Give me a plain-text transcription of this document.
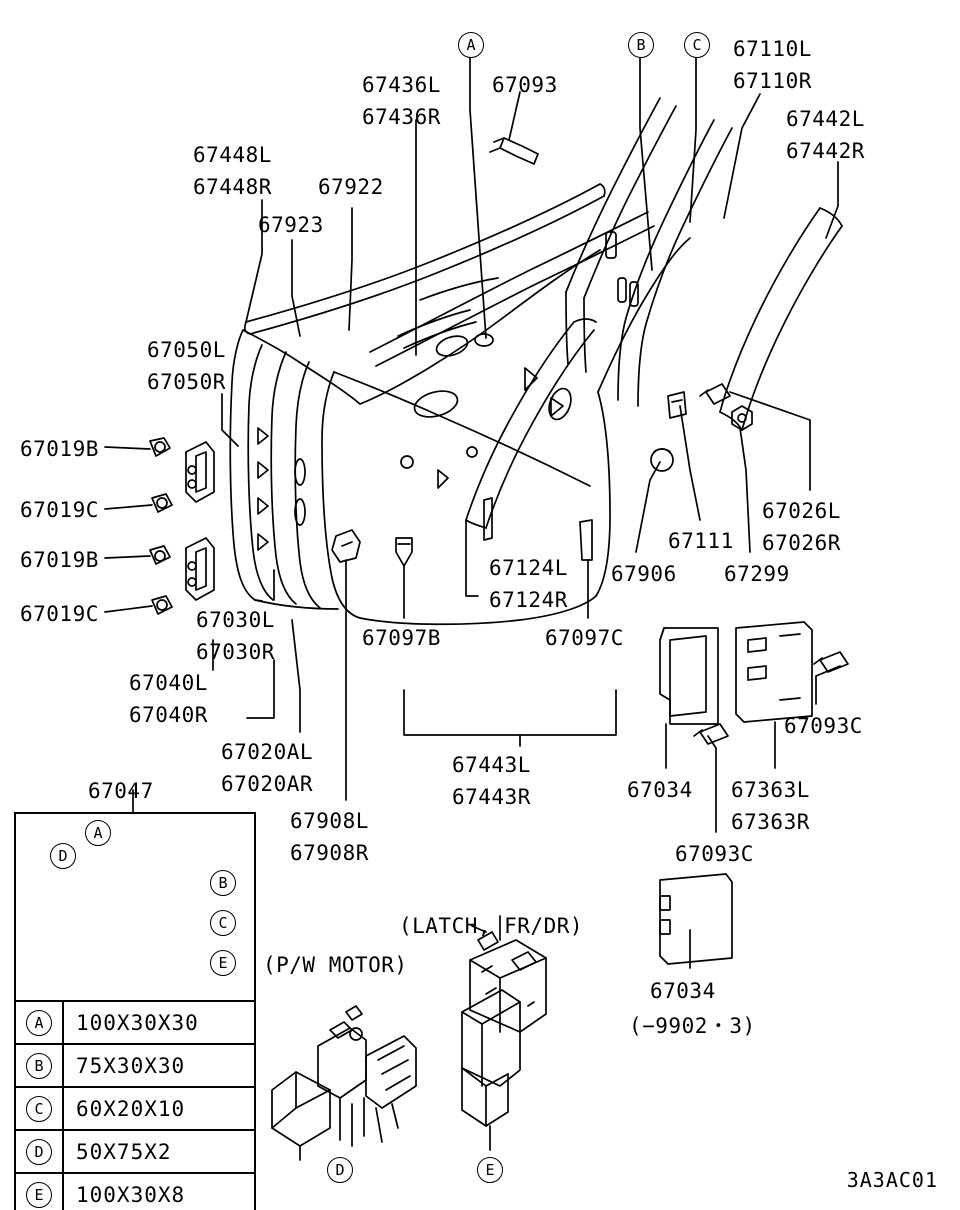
67436L
67436R
67093
67110L
67110R
67442L
67442R
67448L
67448R 67922
67923
67050L
67050R
67019B
67019C
67019B
67019C	67030L
67030R
67040L
67040R
67047
67020AL
67020AR
67908L
67908R
67097B
67124L
67124R
67097C
67906
67111
67299
67026L
67026R
67443L
67443R	67034 67363L
67363R
67093C
67093C
67034
(−9902・3)
(P/W MOTOR)
(LATCH, FR/DR)
A	B	C
D	E
A
D
B
C
E
A	100X30X30
B	75X30X30
C	60X20X10
D	50X75X2
E	100X30X8
3A3AC01
